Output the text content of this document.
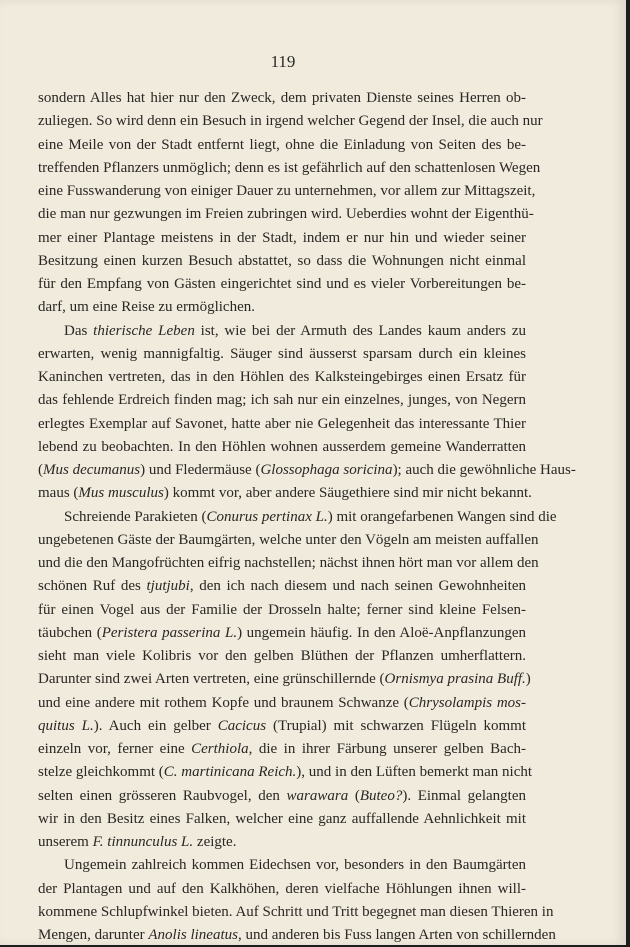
119
sondern Alles hat hier nur den Zweck, dem privaten Dienste seines Herren ob-
zuliegen. So wird denn ein Besuch in irgend welcher Gegend der Insel, die auch nur
eine Meile von der Stadt entfernt liegt, ohne die Einladung von Seiten des be-
treffenden Pflanzers unmöglich; denn es ist gefährlich auf den schattenlosen Wegen
eine Fusswanderung von einiger Dauer zu unternehmen, vor allem zur Mittagszeit,
die man nur gezwungen im Freien zubringen wird. Ueberdies wohnt der Eigenthü-
mer einer Plantage meistens in der Stadt, indem er nur hin und wieder seiner
Besitzung einen kurzen Besuch abstattet, so dass die Wohnungen nicht einmal
für den Empfang von Gästen eingerichtet sind und es vieler Vorbereitungen be-
darf, um eine Reise zu ermöglichen.
Das thierische Leben ist, wie bei der Armuth des Landes kaum anders zu
erwarten, wenig mannigfaltig. Säuger sind äusserst sparsam durch ein kleines
Kaninchen vertreten, das in den Höhlen des Kalksteingebirges einen Ersatz für
das fehlende Erdreich finden mag; ich sah nur ein einzelnes, junges, von Negern
erlegtes Exemplar auf Savonet, hatte aber nie Gelegenheit das interessante Thier
lebend zu beobachten. In den Höhlen wohnen ausserdem gemeine Wanderratten
(Mus decumanus) und Fledermäuse (Glossophaga soricina); auch die gewöhnliche Haus-
maus (Mus musculus) kommt vor, aber andere Säugethiere sind mir nicht bekannt.
Schreiende Parakieten (Conurus pertinax L.) mit orangefarbenen Wangen sind die
ungebetenen Gäste der Baumgärten, welche unter den Vögeln am meisten auffallen
und die den Mangofrüchten eifrig nachstellen; nächst ihnen hört man vor allem den
schönen Ruf des tjutjubi, den ich nach diesem und nach seinen Gewohnheiten
für einen Vogel aus der Familie der Drosseln halte; ferner sind kleine Felsen-
täubchen (Peristera passerina L.) ungemein häufig. In den Aloë-Anpflanzungen
sieht man viele Kolibris vor den gelben Blüthen der Pflanzen umherflattern.
Darunter sind zwei Arten vertreten, eine grünschillernde (Ornismya prasina Buff.)
und eine andere mit rothem Kopfe und braunem Schwanze (Chrysolampis mos-
quitus L.). Auch ein gelber Cacicus (Trupial) mit schwarzen Flügeln kommt
einzeln vor, ferner eine Certhiola, die in ihrer Färbung unserer gelben Bach-
stelze gleichkommt (C. martinicana Reich.), und in den Lüften bemerkt man nicht
selten einen grösseren Raubvogel, den warawara (Buteo?). Einmal gelangten
wir in den Besitz eines Falken, welcher eine ganz auffallende Aehnlichkeit mit
unserem F. tinnunculus L. zeigte.
Ungemein zahlreich kommen Eidechsen vor, besonders in den Baumgärten
der Plantagen und auf den Kalkhöhen, deren vielfache Höhlungen ihnen will-
kommene Schlupfwinkel bieten. Auf Schritt und Tritt begegnet man diesen Thieren in
Mengen, darunter Anolis lineatus, und anderen bis Fuss langen Arten von schillernden
